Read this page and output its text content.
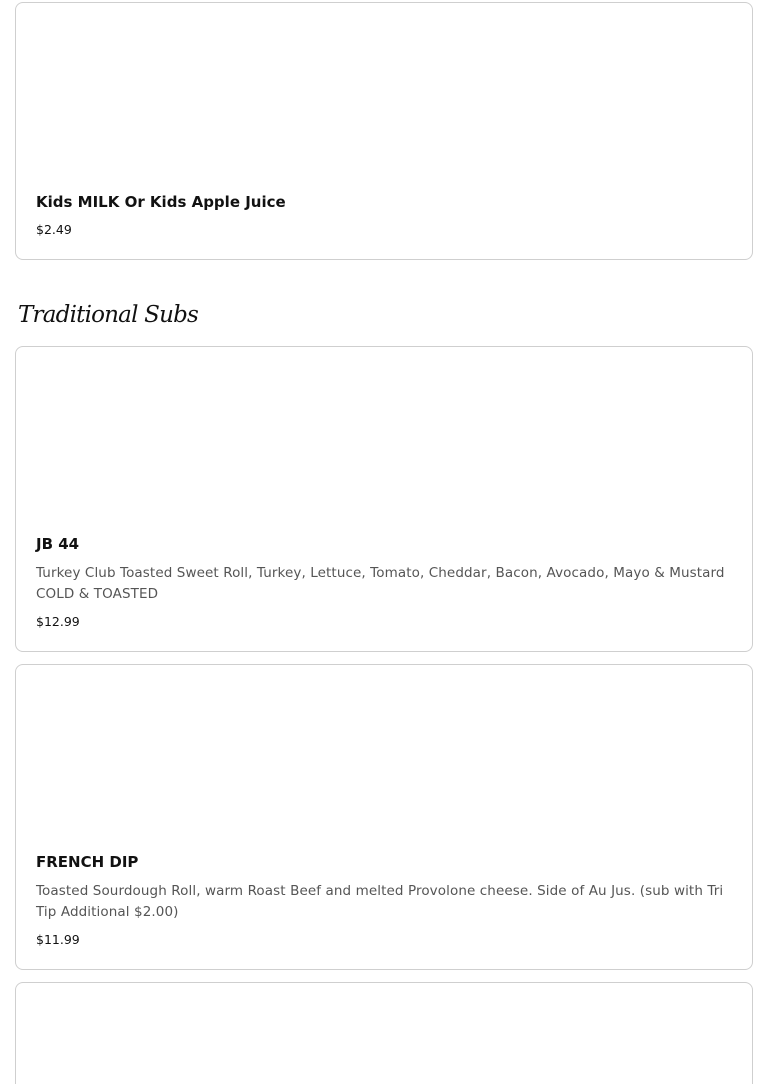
Kids MILK Or Kids Apple Juice

$2.49

Traditional Subs

JB 44

Turkey Club Toasted Sweet Roll, Turkey, Lettuce, Tomato, Cheddar, Bacon, Avocado, Mayo & Mustard COLD & TOASTED

$12.99

FRENCH DIP

Toasted Sourdough Roll, warm Roast Beef and melted Provolone cheese. Side of Au Jus. (sub with Tri Tip Additional $2.00)

$11.99
